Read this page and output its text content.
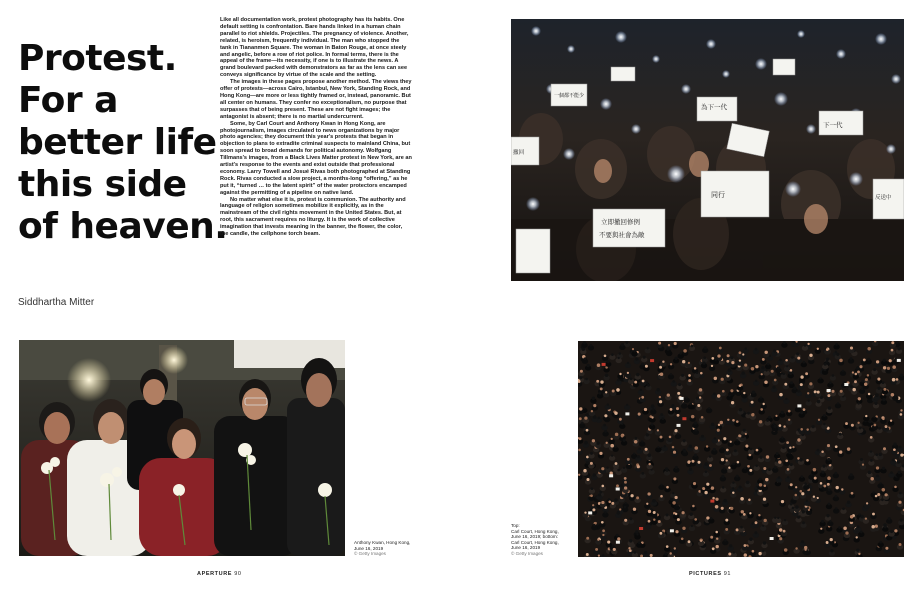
Protest.
For a
better life
this side
of heaven.
Siddhartha Mitter

Like all documentation work, protest photography has its habits. One default setting is confrontation. Bare hands linked in a human chain parallel to riot shields. Projectiles. The pregnancy of violence. Another, related, is heroism, frequently individual. The man who stopped the tank in Tiananmen Square. The woman in Baton Rouge, at once steely and angelic, before a row of riot police. In formal terms, there is the appeal of the frame—its necessity, if one is to illustrate the news. A grand boulevard packed with demonstrators as far as the lens can see conveys significance by virtue of the scale and the setting.

The images in these pages propose another method. The views they offer of protests—across Cairo, Istanbul, New York, Standing Rock, and Hong Kong—are more or less tightly framed or, instead, panoramic. But all center on humans. They confer no exceptionalism, no purpose that surpasses that of being present. These are not fight images; the antagonist is absent; there is no martial undercurrent.

Some, by Carl Court and Anthony Kwan in Hong Kong, are photojournalism, images circulated to news organizations by major photo agencies; they document this year's protests that began in objection to plans to extradite criminal suspects to mainland China, but soon spread to broad demands for political autonomy. Wolfgang Tillmans's images, from a Black Lives Matter protest in New York, are an artist's response to the events and exist outside that professional economy. Larry Towell and Josué Rivas both photographed at Standing Rock. Rivas conducted a slow project, a months-long “offering,” as he put it, “turned … to the latent spirit” of the water protectors encamped against the permitting of a pipeline on native land.

No matter what else it is, protest is communion. The authority and language of religion sometimes mobilize it explicitly, as in the mainstream of the civil rights movement in the United States. But, at root, this sacrament requires no liturgy. It is the work of collective imagination that invests meaning in the banner, the flower, the color, the candle, the cellphone torch beam.

立即撤回修例
不要與社會為敵
為下一代
一個都不能少
同行
下一代
撤回
反送中
Anthony Kwan, Hong Kong,
June 16, 2019
© Getty Images
Top:
Carl Court, Hong Kong,
June 16, 2019; bottom:
Carl Court, Hong Kong,
June 16, 2019
© Getty Images
APERTURE 90	PICTURES 91
